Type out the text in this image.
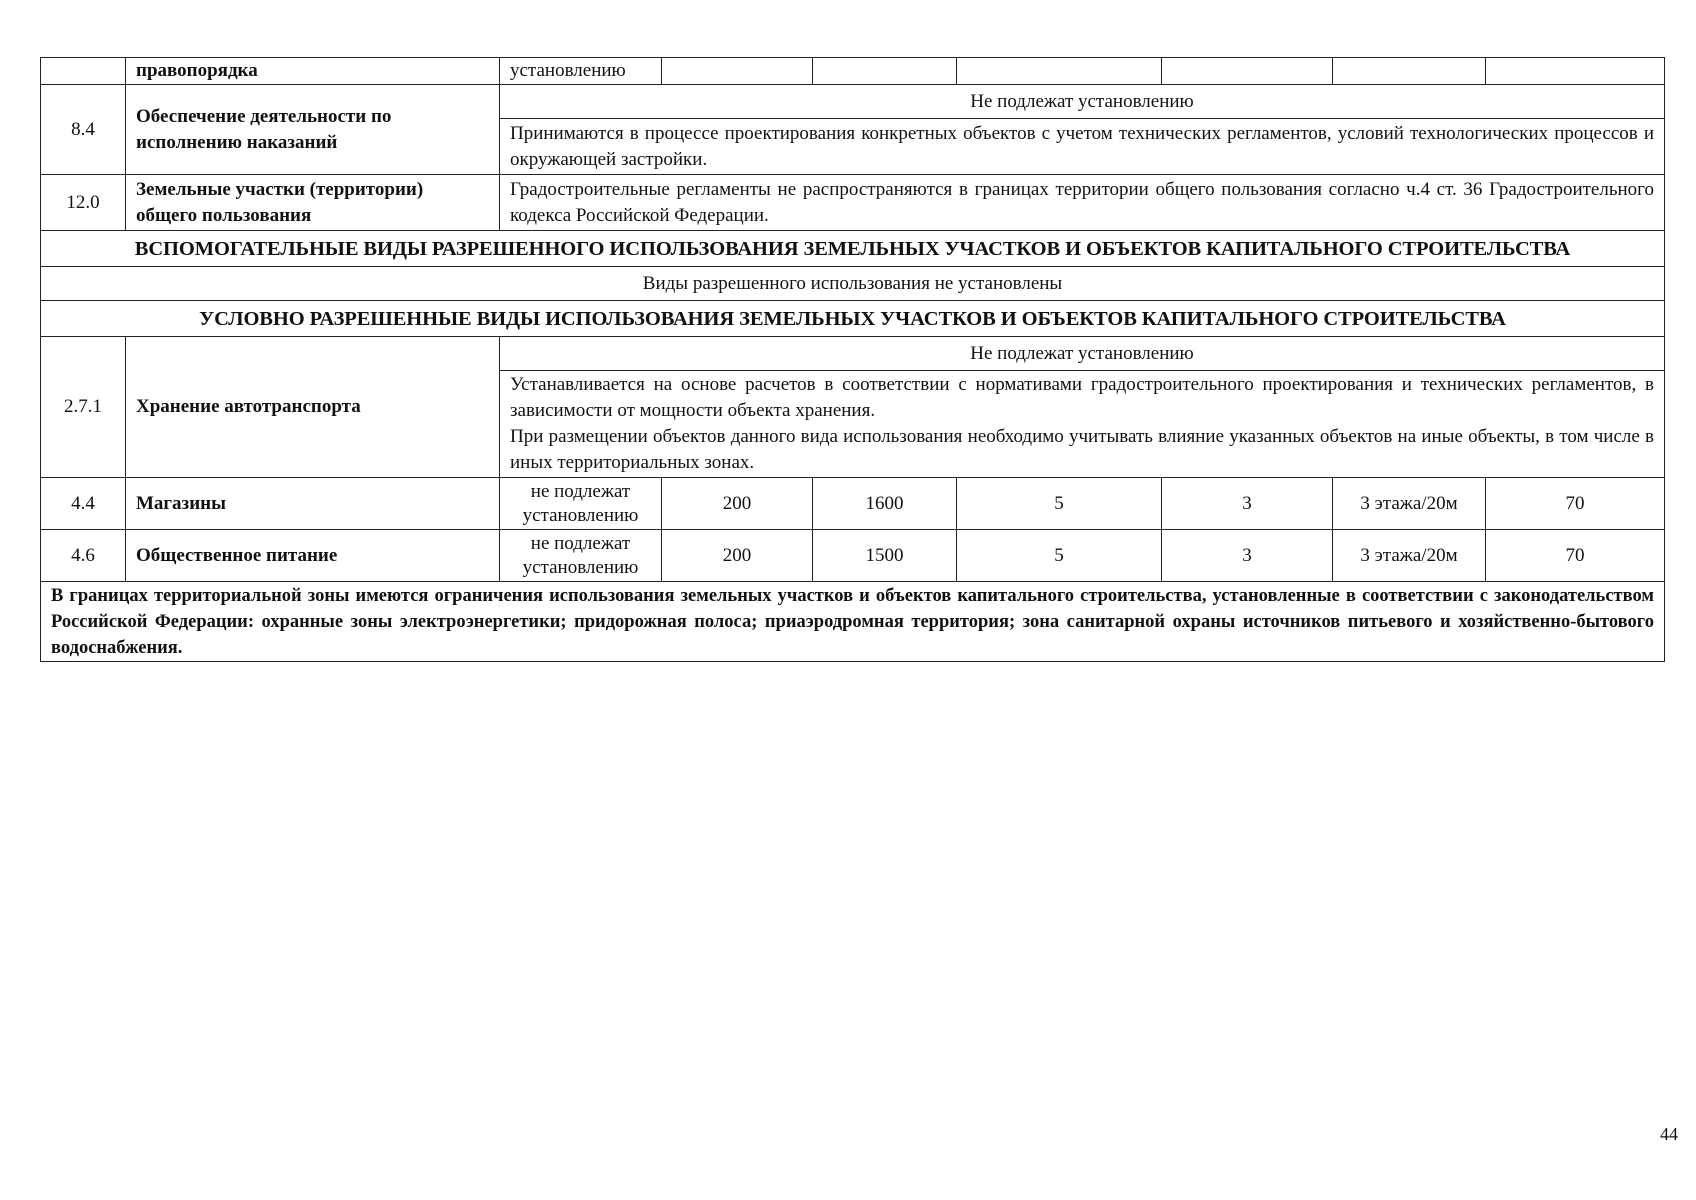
	правопорядка	установлению						
8.4	Обеспечение деятельности по исполнению наказаний	Не подлежат установлению						
		Принимаются в процессе проектирования конкретных объектов с учетом технических регламентов, условий технологических процессов и окружающей застройки.						
12.0	Земельные участки (территории) общего пользования	Градостроительные регламенты не распространяются в границах территории общего пользования согласно ч.4 ст. 36 Градостроительного кодекса Российской Федерации.						
ВСПОМОГАТЕЛЬНЫЕ ВИДЫ РАЗРЕШЕННОГО ИСПОЛЬЗОВАНИЯ ЗЕМЕЛЬНЫХ УЧАСТКОВ И ОБЪЕКТОВ КАПИТАЛЬНОГО СТРОИТЕЛЬСТВА								
Виды разрешенного использования не установлены								
УСЛОВНО РАЗРЕШЕННЫЕ ВИДЫ ИСПОЛЬЗОВАНИЯ ЗЕМЕЛЬНЫХ УЧАСТКОВ И ОБЪЕКТОВ КАПИТАЛЬНОГО СТРОИТЕЛЬСТВА								
2.7.1	Хранение автотранспорта	Не подлежат установлению						

		Устанавливается на основе расчетов в соответствии с нормативами градостроительного проектирования и технических регламентов, в зависимости от мощности объекта хранения.
При размещении объектов данного вида использования необходимо учитывать влияние указанных объектов на иные объекты, в том числе в иных территориальных зонах.						

4.4	Магазины	не подлежат установлению	200	1600	5	3	3 этажа/20м	70
4.6	Общественное питание	не подлежат установлению	200	1500	5	3	3 этажа/20м	70
В границах территориальной зоны имеются ограничения использования земельных участков и объектов капитального строительства, установленные в соответствии с законодательством Российской Федерации: охранные зоны электроэнергетики; придорожная полоса; приаэродромная территория; зона санитарной охраны источников питьевого и хозяйственно-бытового водоснабжения.								
44
